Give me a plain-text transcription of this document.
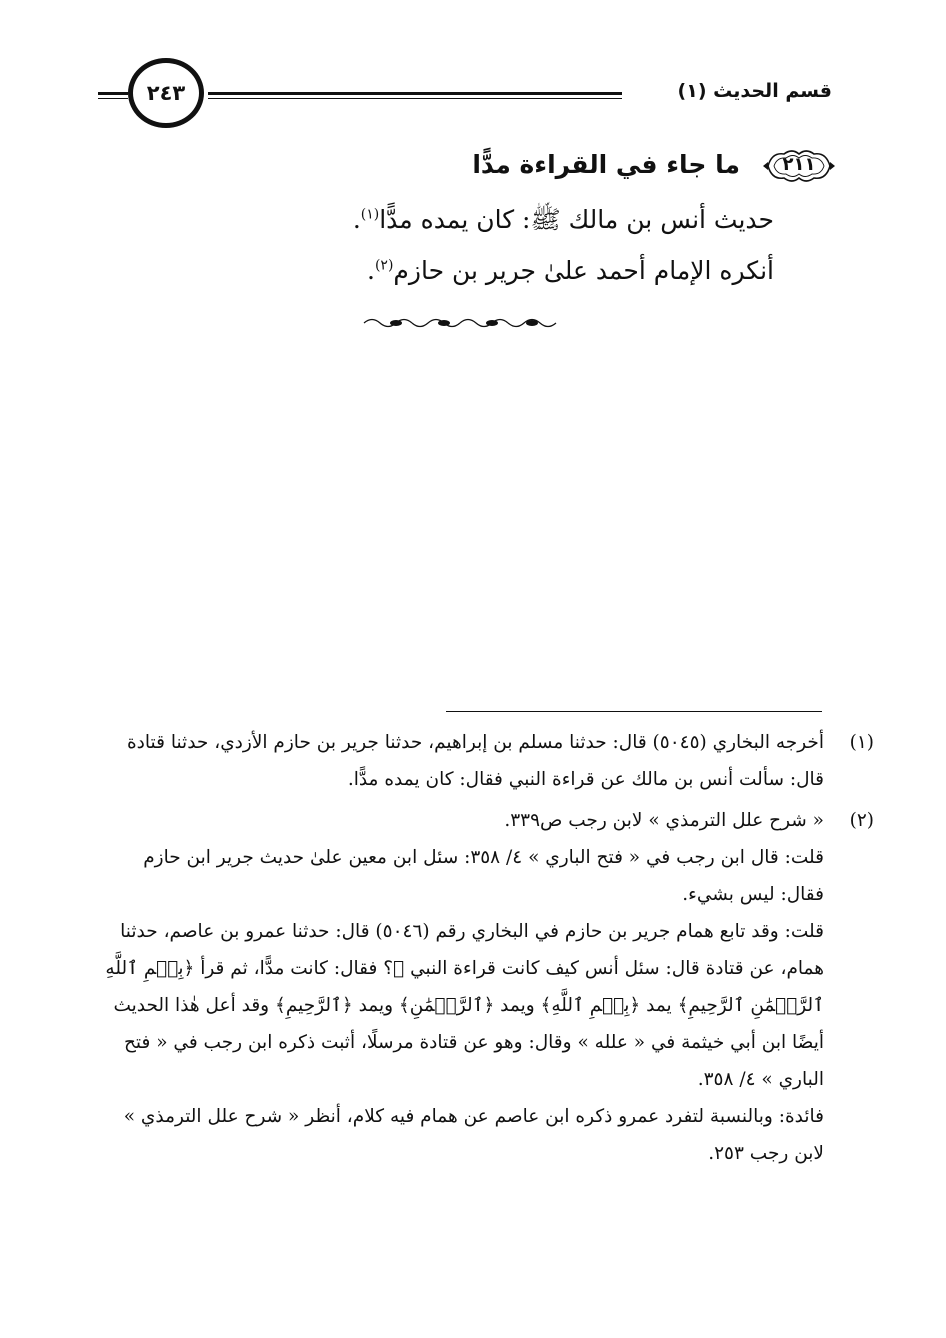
قسم الحديث (١)
٢٤٣
٢١١
ما جاء في القراءة مدًّا
حديث أنس بن مالك ﷺ: كان يمده مدًّا$^{(١)}$.
أنكره الإمام أحمد علىٰ جرير بن حازم$^{(٢)}$.
(١)

أخرجه البخاري (٥٠٤٥) قال: حدثنا مسلم بن إبراهيم، حدثنا جرير بن حازم الأزدي، حدثنا قتادة قال: سألت أنس بن مالك عن قراءة النبي فقال: كان يمده مدًّا.

(٢)

« شرح علل الترمذي » لابن رجب ص٣٣٩.

قلت: قال ابن رجب في « فتح الباري » ٤/ ٣٥٨: سئل ابن معين علىٰ حديث جرير ابن حازم فقال: ليس بشيء.

قلت: وقد تابع همام جرير بن حازم في البخاري رقم (٥٠٤٦) قال: حدثنا عمرو بن عاصم، حدثنا همام، عن قتادة قال: سئل أنس كيف كانت قراءة النبي ﷺ؟ فقال: كانت مدًّا، ثم قرأ ﴿بِسۡمِ ٱللَّهِ ٱلرَّحۡمَٰنِ ٱلرَّحِيمِ﴾ يمد ﴿بِسۡمِ ٱللَّهِ﴾ ويمد ﴿ٱلرَّحۡمَٰنِ﴾ ويمد ﴿ٱلرَّحِيمِ﴾ وقد أعل هٰذا الحديث أيضًا ابن أبي خيثمة في « علله » وقال: وهو عن قتادة مرسلًا، أثبت ذكره ابن رجب في « فتح الباري » ٤/ ٣٥٨.

فائدة: وبالنسبة لتفرد عمرو ذكره ابن عاصم عن همام فيه كلام، أنظر « شرح علل الترمذي » لابن رجب ٢٥٣.
